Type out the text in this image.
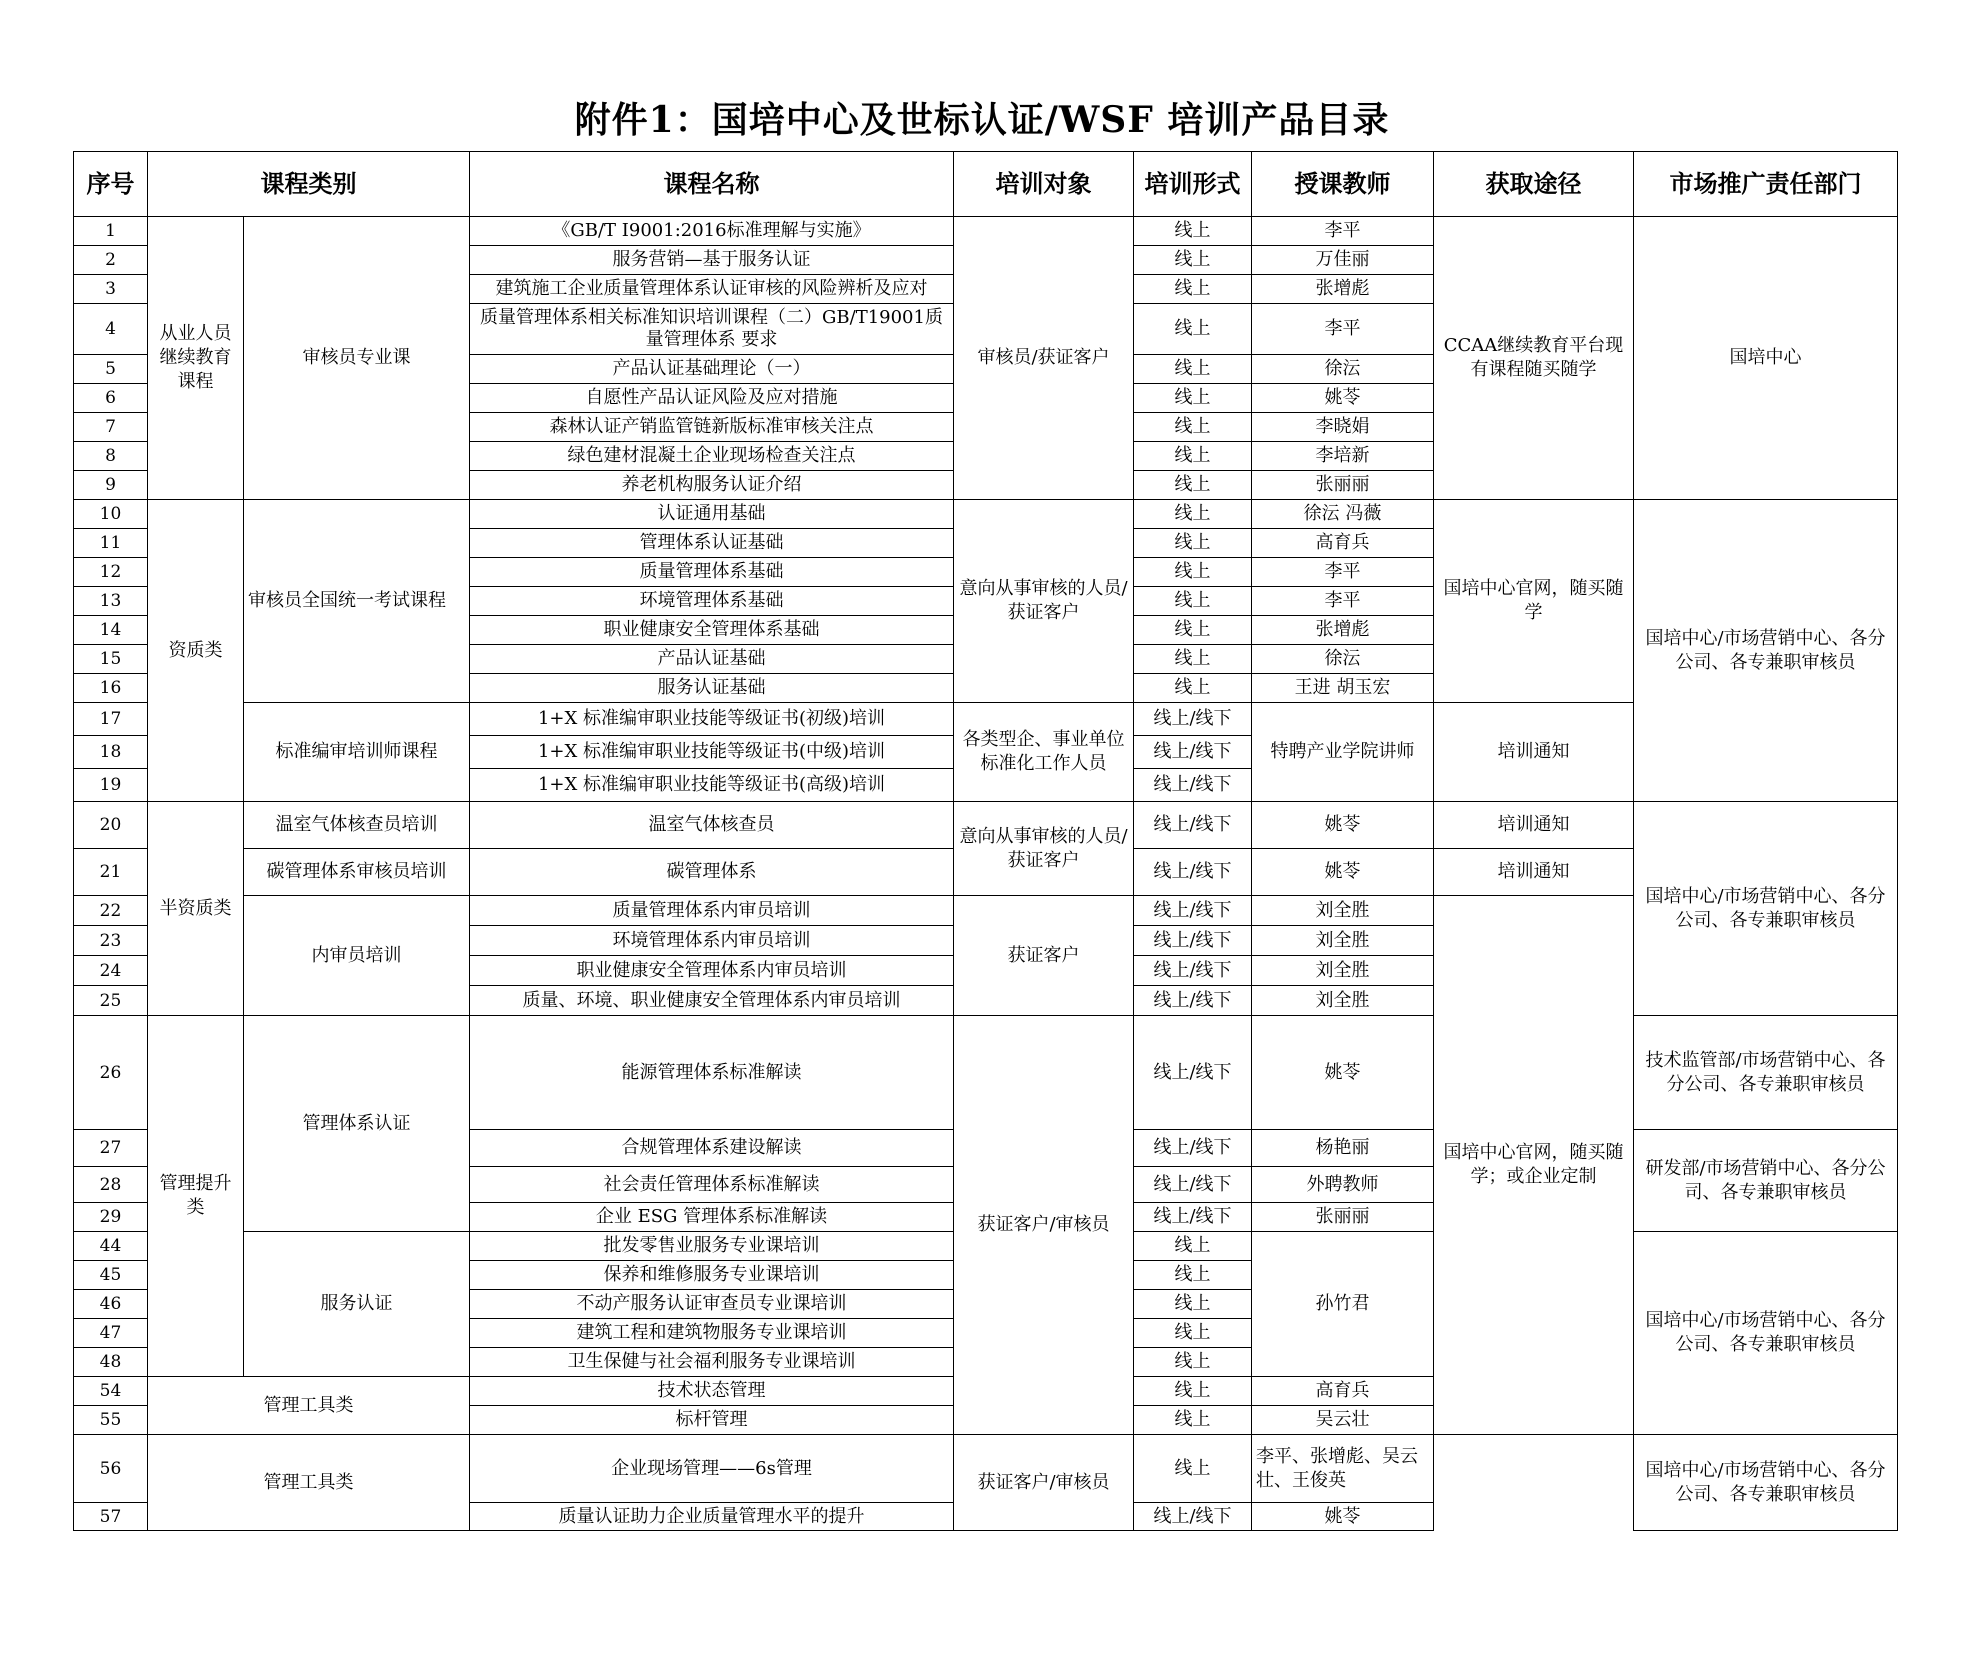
附件1：国培中心及世标认证/WSF 培训产品目录
序号	课程类别		课程名称	培训对象	培训形式	授课教师	获取途径	市场推广责任部门
1	从业人员继续教育课程	审核员专业课	《GB/T I9001:2016标准理解与实施》	审核员/获证客户	线上	李平	CCAA继续教育平台现有课程随买随学	国培中心
2			服务营销—基于服务认证		线上	万佳丽		
3			建筑施工企业质量管理体系认证审核的风险辨析及应对		线上	张增彪		
4			质量管理体系相关标准知识培训课程（二）GB/T19001质量管理体系 要求		线上	李平		
5			产品认证基础理论（一）		线上	徐沄		
6			自愿性产品认证风险及应对措施		线上	姚苓		
7			森林认证产销监管链新版标准审核关注点		线上	李晓娟		
8			绿色建材混凝土企业现场检查关注点		线上	李培新		
9			养老机构服务认证介绍		线上	张丽丽		
10	资质类	审核员全国统一考试课程	认证通用基础	意向从事审核的人员/获证客户	线上	徐沄 冯薇	国培中心官网，随买随学	国培中心/市场营销中心、各分公司、各专兼职审核员
11			管理体系认证基础		线上	高育兵		
12			质量管理体系基础		线上	李平		
13			环境管理体系基础		线上	李平		
14			职业健康安全管理体系基础		线上	张增彪		
15			产品认证基础		线上	徐沄		
16			服务认证基础		线上	王进 胡玉宏		
17		标准编审培训师课程	1+X 标准编审职业技能等级证书(初级)培训	各类型企、事业单位标准化工作人员	线上/线下	特聘产业学院讲师	培训通知	
18			1+X 标准编审职业技能等级证书(中级)培训		线上/线下			
19			1+X 标准编审职业技能等级证书(高级)培训		线上/线下			
20	半资质类	温室气体核查员培训	温室气体核查员	意向从事审核的人员/获证客户	线上/线下	姚苓	培训通知	国培中心/市场营销中心、各分公司、各专兼职审核员
21		碳管理体系审核员培训	碳管理体系		线上/线下	姚苓	培训通知	
22		内审员培训	质量管理体系内审员培训	获证客户	线上/线下	刘全胜	国培中心官网，随买随学；或企业定制	
23			环境管理体系内审员培训		线上/线下	刘全胜		
24			职业健康安全管理体系内审员培训		线上/线下	刘全胜		
25			质量、环境、职业健康安全管理体系内审员培训		线上/线下	刘全胜		
26	管理提升类	管理体系认证	能源管理体系标准解读	获证客户/审核员	线上/线下	姚苓		技术监管部/市场营销中心、各分公司、各专兼职审核员
27			合规管理体系建设解读		线上/线下	杨艳丽		研发部/市场营销中心、各分公司、各专兼职审核员
28			社会责任管理体系标准解读		线上/线下	外聘教师		
29			企业 ESG 管理体系标准解读		线上/线下	张丽丽		
44		服务认证	批发零售业服务专业课培训		线上	孙竹君		国培中心/市场营销中心、各分公司、各专兼职审核员
45			保养和维修服务专业课培训		线上			
46			不动产服务认证审查员专业课培训		线上			
47			建筑工程和建筑物服务专业课培训		线上			
48			卫生保健与社会福利服务专业课培训		线上			
54	管理工具类		技术状态管理		线上	高育兵		
55			标杆管理		线上	吴云壮		
56	管理工具类		企业现场管理——6s管理	获证客户/审核员	线上	李平、张增彪、吴云壮、王俊英		国培中心/市场营销中心、各分公司、各专兼职审核员
57			质量认证助力企业质量管理水平的提升		线上/线下	姚苓		
